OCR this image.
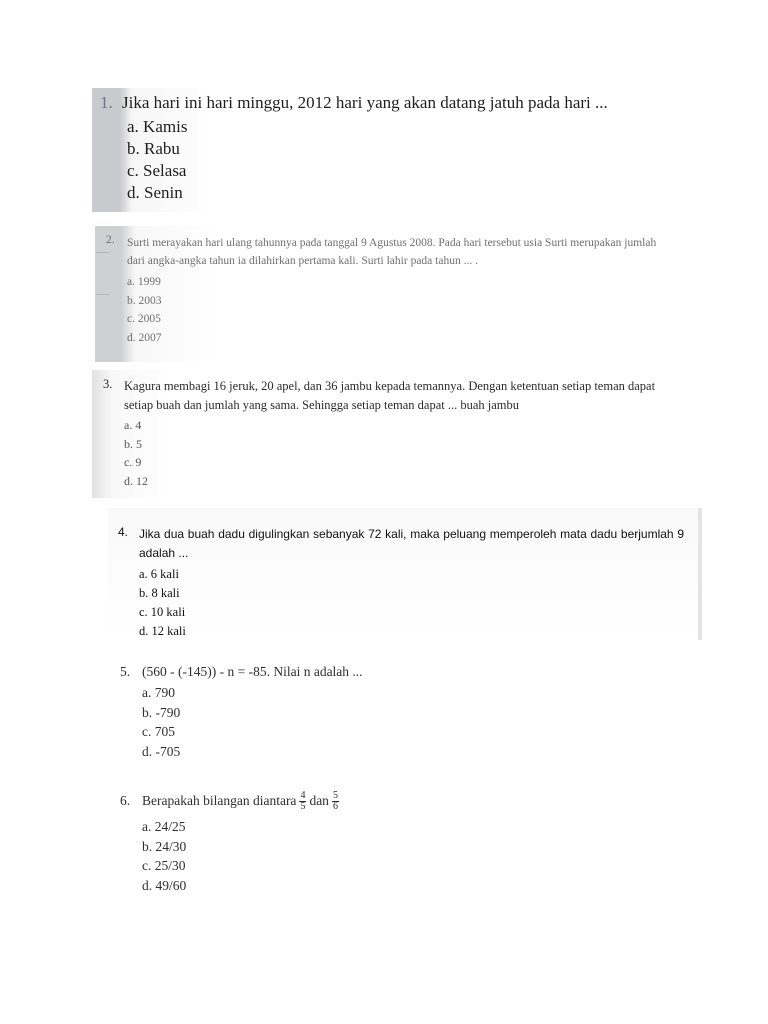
1. Jika hari ini hari minggu, 2012 hari yang akan datang jatuh pada hari ...
a. Kamis
b. Rabu
c. Selasa
d. Senin
2. Surti merayakan hari ulang tahunnya pada tanggal 9 Agustus 2008. Pada hari tersebut usia Surti merupakan jumlah dari angka-angka tahun ia dilahirkan pertama kali. Surti lahir pada tahun ... .
a. 1999
b. 2003
c. 2005
d. 2007
3. Kagura membagi 16 jeruk, 20 apel, dan 36 jambu kepada temannya. Dengan ketentuan setiap teman dapat setiap buah dan jumlah yang sama. Sehingga setiap teman dapat ... buah jambu
a. 4
b. 5
c. 9
d. 12
4. Jika dua buah dadu digulingkan sebanyak 72 kali, maka peluang memperoleh mata dadu berjumlah 9 adalah ...
a. 6 kali
b. 8 kali
c. 10 kali
d. 12 kali
5. (560 - (-145)) - n = -85. Nilai n adalah ...
a. 790
b. -790
c. 705
d. -705
6. Berapakah bilangan diantara $\frac{4}{5}$ dan $\frac{5}{6}$
a. 24/25
b. 24/30
c. 25/30
d. 49/60
